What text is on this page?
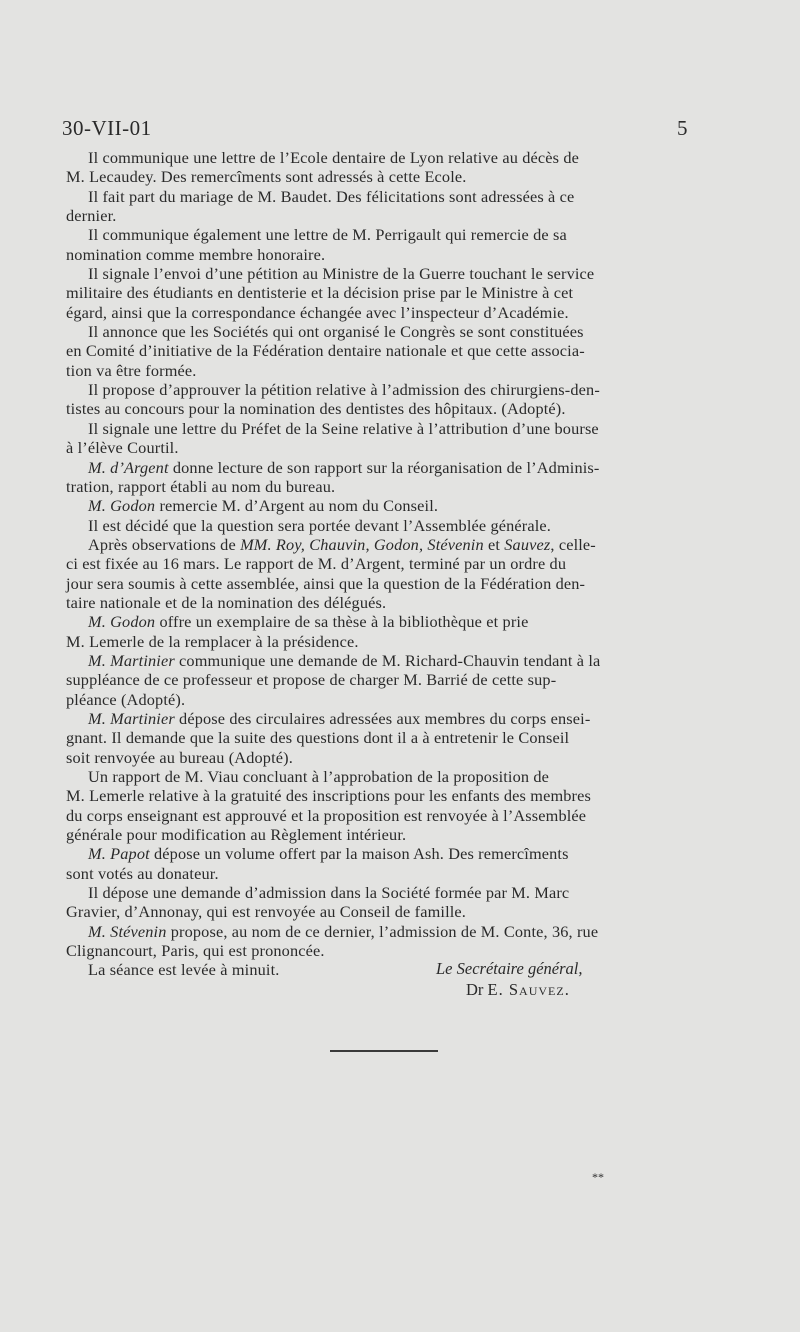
30-VII-01	5
Il communique une lettre de l’Ecole dentaire de Lyon relative au décès de
M. Lecaudey. Des remercîments sont adressés à cette Ecole.
Il fait part du mariage de M. Baudet. Des félicitations sont adressées à ce
dernier.
Il communique également une lettre de M. Perrigault qui remercie de sa
nomination comme membre honoraire.
Il signale l’envoi d’une pétition au Ministre de la Guerre touchant le service
militaire des étudiants en dentisterie et la décision prise par le Ministre à cet
égard, ainsi que la correspondance échangée avec l’inspecteur d’Académie.
Il annonce que les Sociétés qui ont organisé le Congrès se sont constituées
en Comité d’initiative de la Fédération dentaire nationale et que cette associa-
tion va être formée.
Il propose d’approuver la pétition relative à l’admission des chirurgiens-den-
tistes au concours pour la nomination des dentistes des hôpitaux. (Adopté).
Il signale une lettre du Préfet de la Seine relative à l’attribution d’une bourse
à l’élève Courtil.
M. d’Argent donne lecture de son rapport sur la réorganisation de l’Adminis-
tration, rapport établi au nom du bureau.
M. Godon remercie M. d’Argent au nom du Conseil.
Il est décidé que la question sera portée devant l’Assemblée générale.
Après observations de MM. Roy, Chauvin, Godon, Stévenin et Sauvez, celle-
ci est fixée au 16 mars. Le rapport de M. d’Argent, terminé par un ordre du
jour sera soumis à cette assemblée, ainsi que la question de la Fédération den-
taire nationale et de la nomination des délégués.
M. Godon offre un exemplaire de sa thèse à la bibliothèque et prie
M. Lemerle de la remplacer à la présidence.
M. Martinier communique une demande de M. Richard-Chauvin tendant à la
suppléance de ce professeur et propose de charger M. Barrié de cette sup-
pléance (Adopté).
M. Martinier dépose des circulaires adressées aux membres du corps ensei-
gnant. Il demande que la suite des questions dont il a à entretenir le Conseil
soit renvoyée au bureau (Adopté).
Un rapport de M. Viau concluant à l’approbation de la proposition de
M. Lemerle relative à la gratuité des inscriptions pour les enfants des membres
du corps enseignant est approuvé et la proposition est renvoyée à l’Assemblée
générale pour modification au Règlement intérieur.
M. Papot dépose un volume offert par la maison Ash. Des remercîments
sont votés au donateur.
Il dépose une demande d’admission dans la Société formée par M. Marc
Gravier, d’Annonay, qui est renvoyée au Conseil de famille.
M. Stévenin propose, au nom de ce dernier, l’admission de M. Conte, 36, rue
Clignancourt, Paris, qui est prononcée.
La séance est levée à minuit.	Le Secrétaire général,
Dr E. Sauvez.
**
